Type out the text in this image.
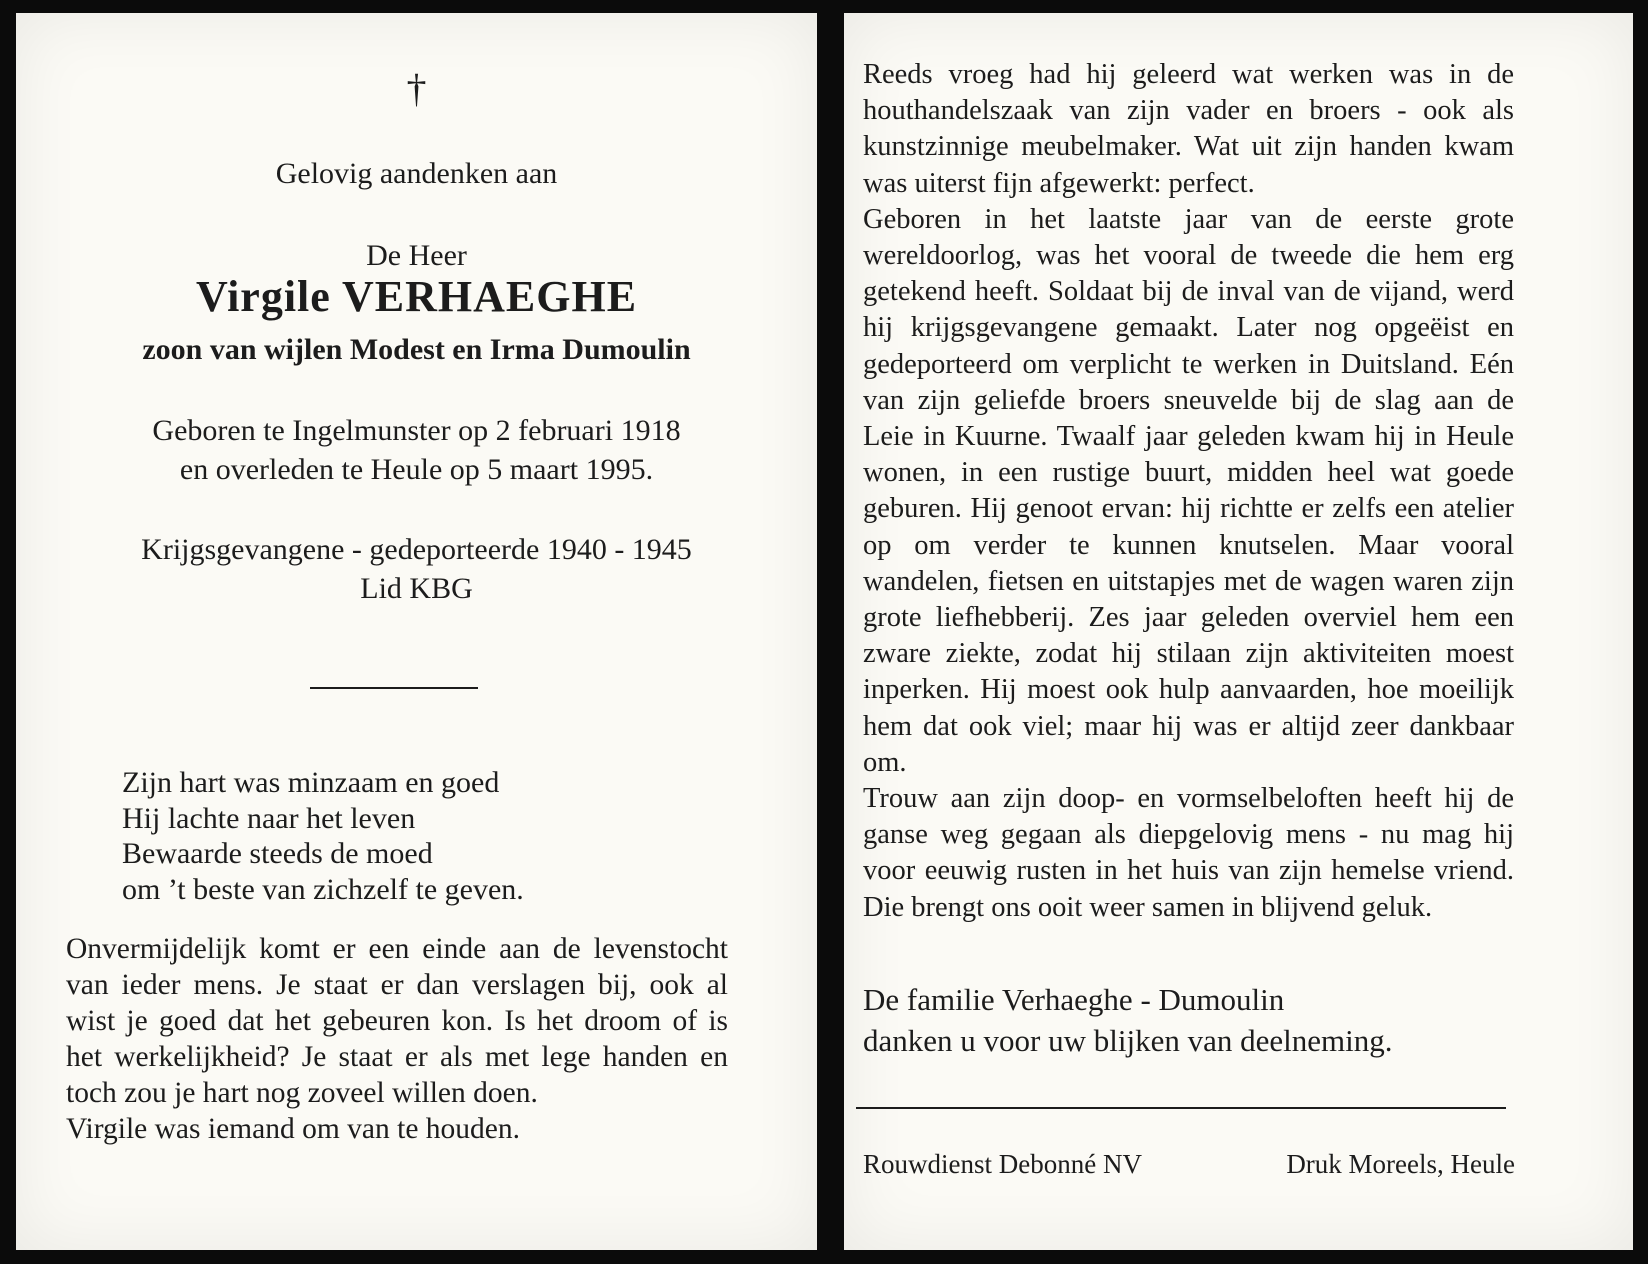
†
Gelovig aandenken aan
De Heer
Virgile VERHAEGHE
zoon van wijlen Modest en Irma Dumoulin
Geboren te Ingelmunster op 2 februari 1918
en overleden te Heule op 5 maart 1995.
Krijgsgevangene - gedeporteerde 1940 - 1945
Lid KBG
Zijn hart was minzaam en goed
Hij lachte naar het leven
Bewaarde steeds de moed
om ’t beste van zichzelf te geven.

Onvermijdelijk komt er een einde aan de levenstocht van ieder mens. Je staat er dan verslagen bij, ook al wist je goed dat het gebeuren kon. Is het droom of is het werkelijkheid? Je staat er als met lege handen en toch zou je hart nog zoveel willen doen.

Virgile was iemand om van te houden.

Reeds vroeg had hij geleerd wat werken was in de houthandelszaak van zijn vader en broers - ook als kunstzinnige meubelmaker. Wat uit zijn handen kwam was uiterst fijn afgewerkt: perfect.

Geboren in het laatste jaar van de eerste grote wereldoorlog, was het vooral de tweede die hem erg getekend heeft. Soldaat bij de inval van de vijand, werd hij krijgsgevangene gemaakt. Later nog opgeëist en gedeporteerd om verplicht te werken in Duitsland. Eén van zijn geliefde broers sneuvelde bij de slag aan de Leie in Kuurne. Twaalf jaar geleden kwam hij in Heule wonen, in een rustige buurt, midden heel wat goede geburen. Hij genoot ervan: hij richtte er zelfs een atelier op om verder te kunnen knutselen. Maar vooral wandelen, fietsen en uitstapjes met de wagen waren zijn grote liefhebberij. Zes jaar geleden overviel hem een zware ziekte, zodat hij stilaan zijn aktiviteiten moest inperken. Hij moest ook hulp aanvaarden, hoe moeilijk hem dat ook viel; maar hij was er altijd zeer dankbaar om.

Trouw aan zijn doop- en vormselbeloften heeft hij de ganse weg gegaan als diepgelovig mens - nu mag hij voor eeuwig rusten in het huis van zijn hemelse vriend. Die brengt ons ooit weer samen in blijvend geluk.

De familie Verhaeghe - Dumoulin
danken u voor uw blijken van deelneming.
Rouwdienst Debonné NV	Druk Moreels, Heule
